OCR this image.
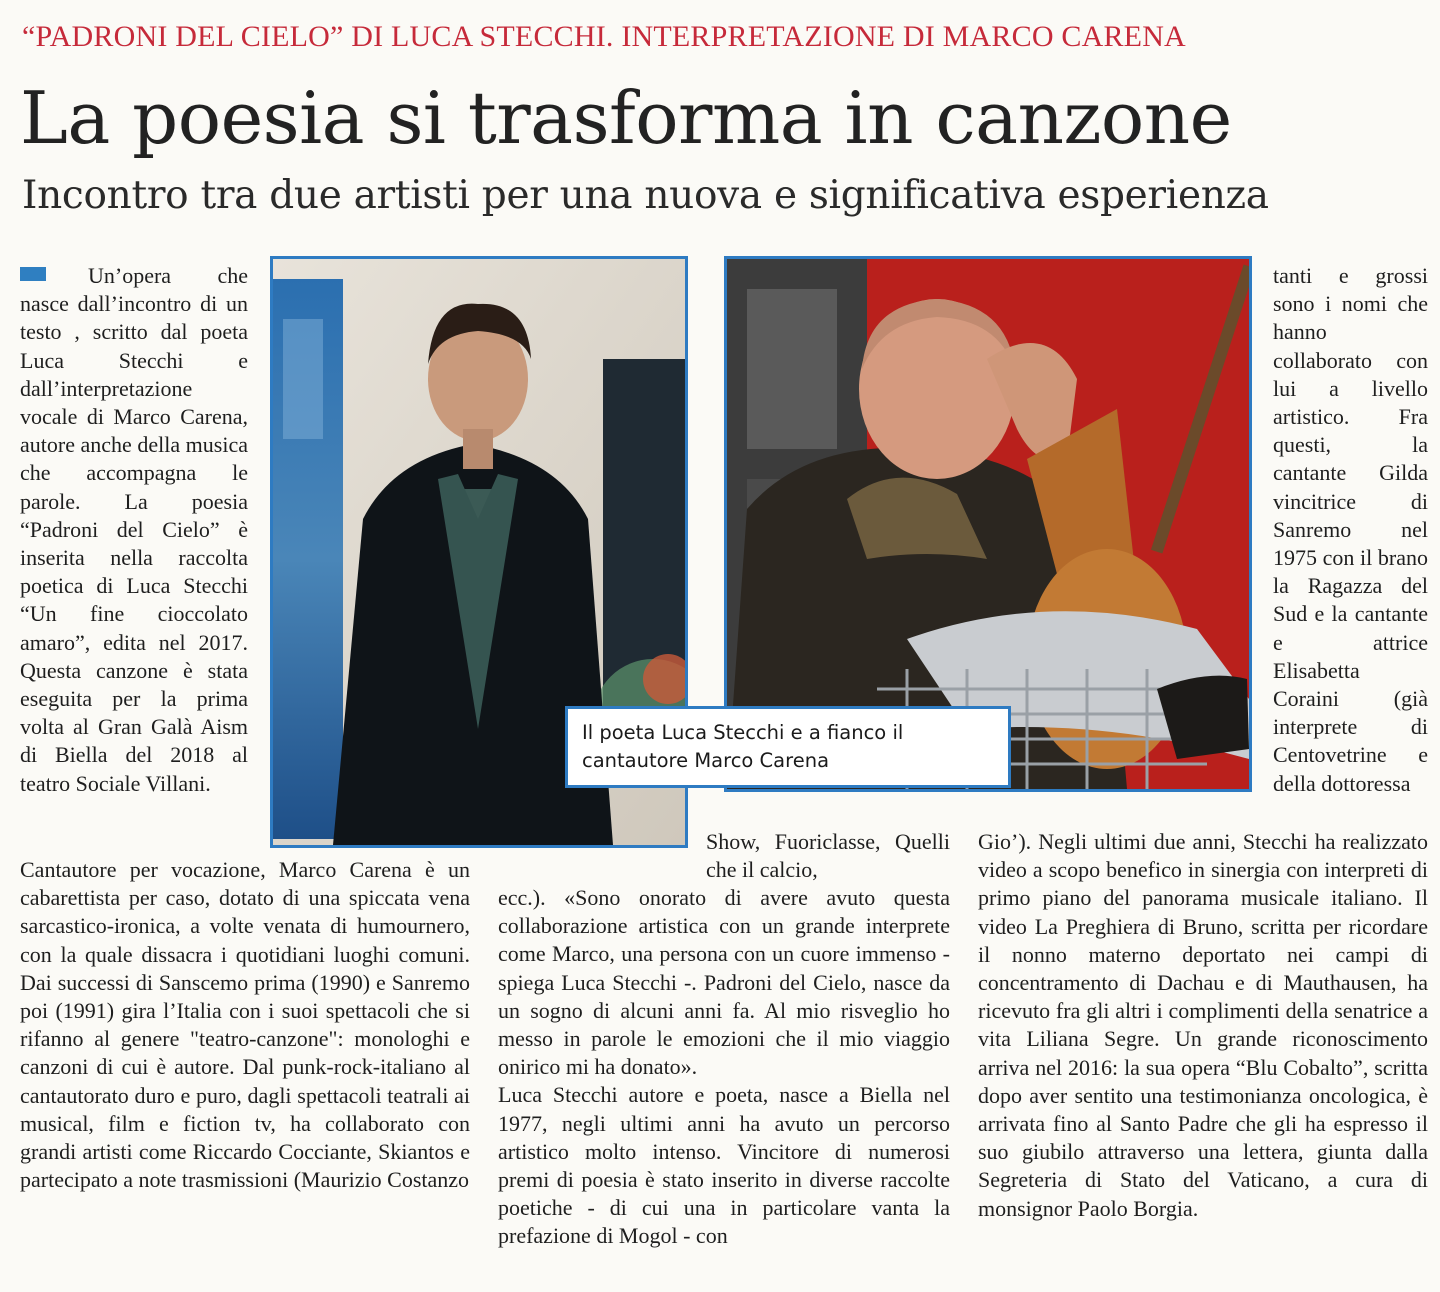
“PADRONI DEL CIELO” DI LUCA STECCHI. INTERPRETAZIONE DI MARCO CARENA
La poesia si trasforma in canzone
Incontro tra due artisti per una nuova e significativa esperienza

Un’opera che nasce dall’incontro di un testo , scritto dal poeta Luca Stecchi e dall’interpretazione vocale di Marco Carena, autore anche della musica che accompagna le parole. La poesia “Padroni del Cielo” è inserita nella raccolta poetica di Luca Stecchi “Un fine cioccolato amaro”, edita nel 2017. Questa canzone è stata eseguita per la prima volta al Gran Galà Aism di Biella del 2018 al teatro Sociale Villani.

Cantautore per vocazione, Marco Carena è un cabarettista per caso, dotato di una spiccata vena sarcastico-ironica, a volte venata di humournero, con la quale dissacra i quotidiani luoghi comuni. Dai successi di Sanscemo prima (1990) e Sanremo poi (1991) gira l’Italia con i suoi spettacoli che si rifanno al genere "teatro-canzone": monologhi e canzoni di cui è autore. Dal punk-rock-italiano al cantautorato duro e puro, dagli spettacoli teatrali ai musical, film e fiction tv, ha collaborato con grandi artisti come Riccardo Cocciante, Skiantos e partecipato a note trasmissioni (Maurizio Costanzo

Show, Fuoriclasse, Quelli che il calcio,

ecc.). «Sono onorato di avere avuto questa collaborazione artistica con un grande interprete come Marco, una persona con un cuore immenso - spiega Luca Stecchi -. Padroni del Cielo, nasce da un sogno di alcuni anni fa. Al mio risveglio ho messo in parole le emozioni che il mio viaggio onirico mi ha donato».

Luca Stecchi autore e poeta, nasce a Biella nel 1977, negli ultimi anni ha avuto un percorso artistico molto intenso. Vincitore di numerosi premi di poesia è stato inserito in diverse raccolte poetiche - di cui una in particolare vanta la prefazione di Mogol - con

tanti e grossi sono i nomi che hanno collaborato con lui a livello artistico. Fra questi, la cantante Gilda vincitrice di Sanremo nel 1975 con il brano la Ragazza del Sud e la cantante e attrice Elisabetta Coraini (già interprete di Centovetrine e della dottoressa

Gio’). Negli ultimi due anni, Stecchi ha realizzato video a scopo benefico in sinergia con interpreti di primo piano del panorama musicale italiano. Il video La Preghiera di Bruno, scritta per ricordare il nonno materno deportato nei campi di concentramento di Dachau e di Mauthausen, ha ricevuto fra gli altri i complimenti della senatrice a vita Liliana Segre. Un grande riconoscimento arriva nel 2016: la sua opera “Blu Cobalto”, scritta dopo aver sentito una testimonianza oncologica, è arrivata fino al Santo Padre che gli ha espresso il suo giubilo attraverso una lettera, giunta dalla Segreteria di Stato del Vaticano, a cura di monsignor Paolo Borgia.

Il poeta Luca Stecchi e a fianco il cantautore Marco Carena
